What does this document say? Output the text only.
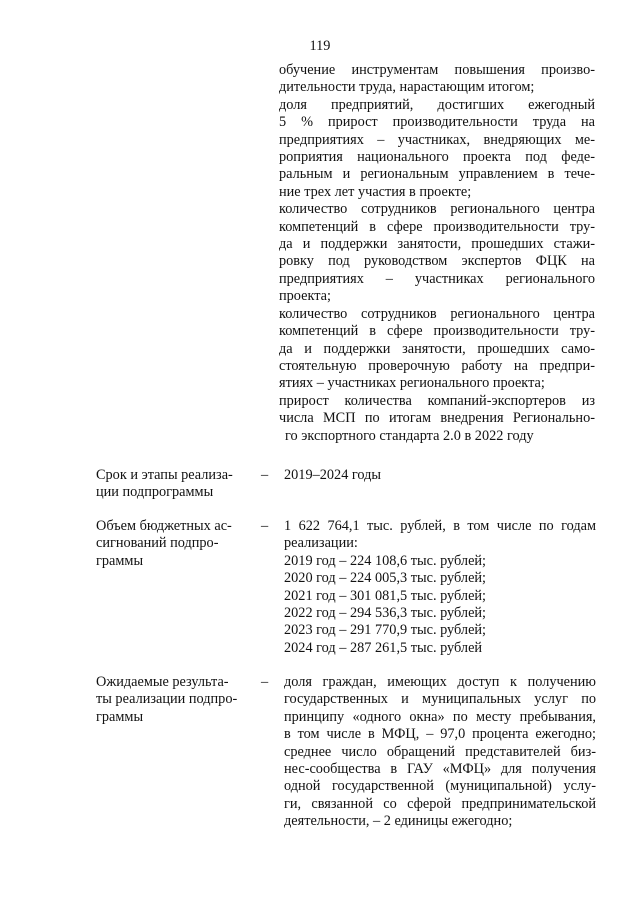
119
обучение инструментам повышения произво-
дительности труда, нарастающим итогом;
доля предприятий, достигших ежегодный
5 % прирост производительности труда на
предприятиях – участниках, внедряющих ме-
роприятия национального проекта под феде-
ральным и региональным управлением в тече-
ние трех лет участия в проекте;
количество сотрудников регионального центра
компетенций в сфере производительности тру-
да и поддержки занятости, прошедших стажи-
ровку под руководством экспертов ФЦК на
предприятиях – участниках регионального
проекта;
количество сотрудников регионального центра
компетенций в сфере производительности тру-
да и поддержки занятости, прошедших само-
стоятельную проверочную работу на предпри-
ятиях – участниках регионального проекта;
прирост количества компаний-экспортеров из
числа МСП по итогам внедрения Регионально-
го экспортного стандарта 2.0 в 2022 году
Срок и этапы реализа-
ции подпрограммы
– 2019–2024 годы
Объем бюджетных ас-
сигнований подпро-
граммы
– 1 622 764,1 тыс. рублей, в том числе по годам
реализации:
2019 год – 224 108,6 тыс. рублей;
2020 год – 224 005,3 тыс. рублей;
2021 год – 301 081,5 тыс. рублей;
2022 год – 294 536,3 тыс. рублей;
2023 год – 291 770,9 тыс. рублей;
2024 год – 287 261,5 тыс. рублей
Ожидаемые результа-
ты реализации подпро-
граммы
– доля граждан, имеющих доступ к получению
государственных и муниципальных услуг по
принципу «одного окна» по месту пребывания,
в том числе в МФЦ, – 97,0 процента ежегодно;
среднее число обращений представителей биз-
нес-сообщества в ГАУ «МФЦ» для получения
одной государственной (муниципальной) услу-
ги, связанной со сферой предпринимательской
деятельности, – 2 единицы ежегодно;
